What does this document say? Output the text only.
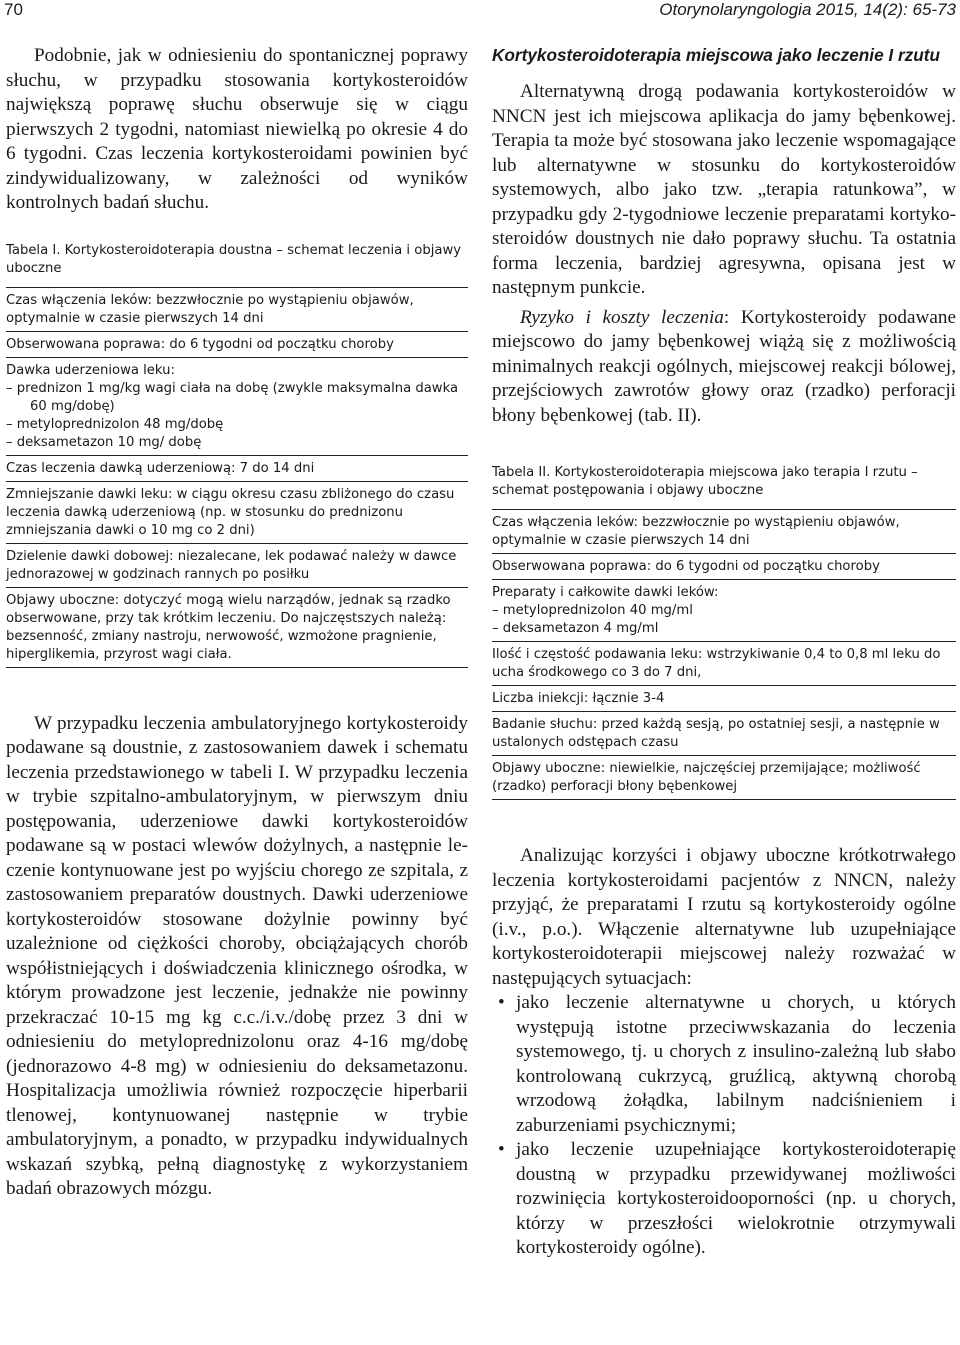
70	Otorynolaryngologia 2015, 14(2): 65-73

Podobnie, jak w odniesieniu do spontanicznej poprawy słuchu, w przypadku stosowania kortykosteroidów największą poprawę słuchu obserwuje się w ciągu pierwszych 2 tygodni, natomiast niewielką po okresie 4 do 6 tygodni. Czas leczenia kortykosteroidami powinien być zindywidualizowany, w zależności od wyników kontrolnych badań słuchu.

Tabela I. Kortykosteroidoterapia doustna – schemat leczenia i objawy uboczne

Czas włączenia leków: bezzwłocznie po wystąpieniu objawów, optymalnie w czasie pierwszych 14 dni
Obserwowana poprawa: do 6 tygodni od początku choroby
Dawka uderzeniowa leku:
– prednizon 1 mg/kg wagi ciała na dobę (zwykle maksymalna dawka 60 mg/dobę)
– metyloprednizolon 48 mg/dobę
– deksametazon 10 mg/ dobę
Czas leczenia dawką uderzeniową: 7 do 14 dni
Zmniejszanie dawki leku: w ciągu okresu czasu zbliżonego do czasu leczenia dawką uderzeniową (np. w stosunku do prednizonu zmniejszania dawki o 10 mg co 2 dni)
Dzielenie dawki dobowej: niezalecane, lek podawać należy w dawce jednorazowej w godzinach rannych po posiłku
Objawy uboczne: dotyczyć mogą wielu narządów, jednak są rzadko obserwowane, przy tak krótkim leczeniu. Do najczęstszych należą: bezsenność, zmiany nastroju, nerwowość, wzmożone pragnienie, hiperglikemia, przyrost wagi ciała.

W przypadku leczenia ambulatoryjnego kortykosteroidy podawane są doustnie, z zastosowaniem dawek i schematu leczenia przedstawionego w tabeli I. W przypadku leczenia w trybie szpitalno-ambulatoryjnym, w pierwszym dniu postępowania, uderzeniowe dawki kortykosteroidów podawane są w postaci wlewów dożylnych, a następnie leczenie kontynuowane jest po wyjściu chorego ze szpitala, z zastosowaniem preparatów doustnych. Dawki uderzeniowe kortykosteroidów stosowane dożylnie powinny być uzależnione od ciężkości choroby, obciążających chorób współistniejących i doświadczenia klinicznego ośrodka, w którym prowadzone jest leczenie, jednakże nie powinny przekraczać 10-15 mg kg c.c./i.v./dobę przez 3 dni w odniesieniu do metyloprednizolonu oraz 4-16 mg/dobę (jednorazowo 4-8 mg) w odniesieniu do deksametazonu. Hospitalizacja umożliwia również rozpoczęcie hiperbarii tlenowej, kontynuowanej następnie w trybie ambulatoryjnym, a ponadto, w przypadku indywidualnych wskazań szybką, pełną diagnostykę z wykorzystaniem badań obrazowych mózgu.

Kortykosteroidoterapia miejscowa jako leczenie I rzutu

Alternatywną drogą podawania kortykosteroidów w NNCN jest ich miejscowa aplikacja do jamy bębenkowej. Terapia ta może być stosowana jako leczenie wspomagające lub alternatywne w stosunku do kortykosteroidów systemowych, albo jako tzw. „terapia ratunkowa”, w przypadku gdy 2-tygodniowe leczenie preparatami kortykosteroidów doustnych nie dało poprawy słuchu. Ta ostatnia forma leczenia, bardziej agresywna, opisana jest w następnym punkcie.

Ryzyko i koszty leczenia: Kortykosteroidy podawane miejscowo do jamy bębenkowej wiążą się z możliwością minimalnych reakcji ogólnych, miejscowej reakcji bólowej, przejściowych zawrotów głowy oraz (rzadko) perforacji błony bębenkowej (tab. II).

Tabela II. Kortykosteroidoterapia miejscowa jako terapia I rzutu – schemat postępowania i objawy uboczne

Czas włączenia leków: bezzwłocznie po wystąpieniu objawów, optymalnie w czasie pierwszych 14 dni
Obserwowana poprawa: do 6 tygodni od początku choroby
Preparaty i całkowite dawki leków:
– metyloprednizolon 40 mg/ml
– deksametazon 4 mg/ml
Ilość i częstość podawania leku: wstrzykiwanie 0,4 to 0,8 ml leku do ucha środkowego co 3 do 7 dni,
Liczba iniekcji: łącznie 3-4
Badanie słuchu: przed każdą sesją, po ostatniej sesji, a następnie w ustalonych odstępach czasu
Objawy uboczne: niewielkie, najczęściej przemijające; możliwość (rzadko) perforacji błony bębenkowej

Analizując korzyści i objawy uboczne krótkotrwałego leczenia kortykosteroidami pacjentów z NNCN, należy przyjąć, że preparatami I rzutu są kortykosteroidy ogólne (i.v., p.o.). Włączenie alternatywne lub uzupełniające kortykosteroidoterapii miejscowej należy rozważać w następujących sytuacjach:

• jako leczenie alternatywne u chorych, u których występują istotne przeciwwskazania do leczenia systemowego, tj. u chorych z insulino-zależną lub słabo kontrolowaną cukrzycą, gruźlicą, aktywną chorobą wrzodową żołądka, labilnym nadciśnieniem i zaburzeniami psychicznymi;
• jako leczenie uzupełniające kortykosteroidoterapię doustną w przypadku przewidywanej możliwości rozwinięcia kortykosteroidooporności (np. u chorych, którzy w przeszłości wielokrotnie otrzymywali kortykosteroidy ogólne).
